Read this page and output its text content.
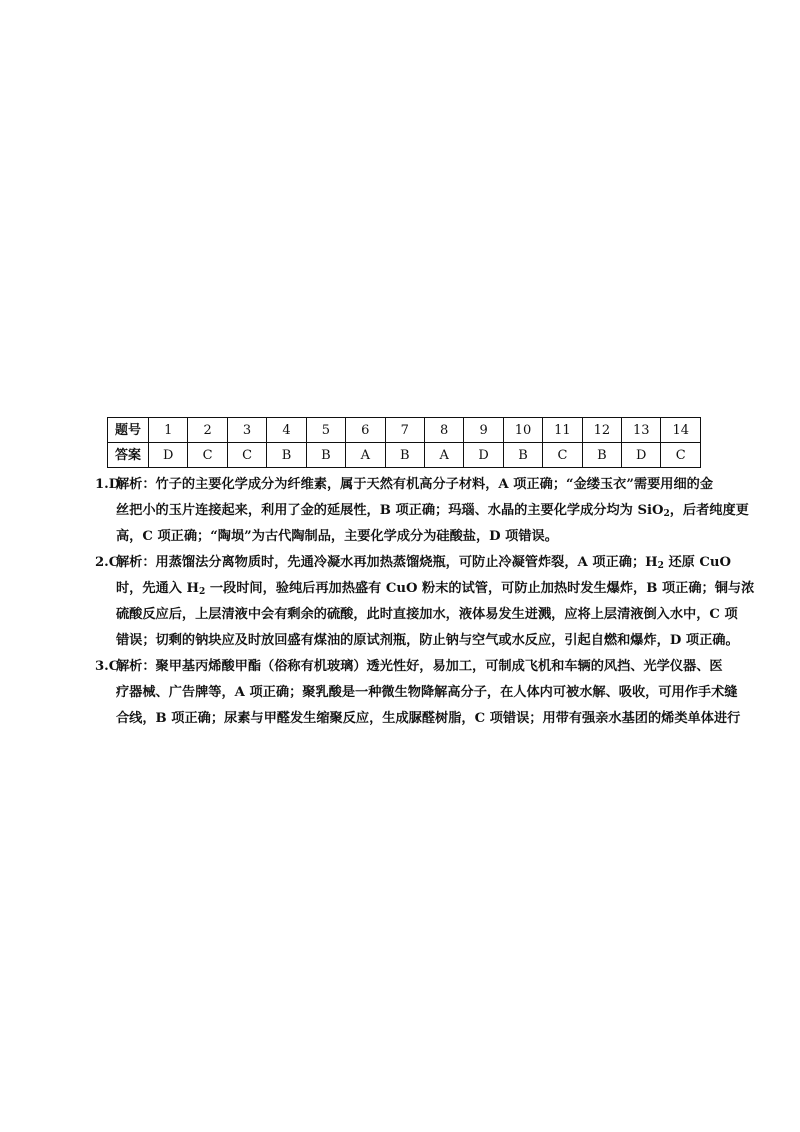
题号	1	2	3	4	5	6	7	8	9	10	11	12	13	14
答案	D	C	C	B	B	A	B	A	D	B	C	B	D	C
1.D解析：竹子的主要化学成分为纤维素，属于天然有机高分子材料，A 项正确；“金缕玉衣”需要用细的金
丝把小的玉片连接起来，利用了金的延展性，B 项正确；玛瑙、水晶的主要化学成分均为 SiO$_2$，后者纯度更
高，C 项正确；“陶埙”为古代陶制品，主要化学成分为硅酸盐，D 项错误。
2.C解析：用蒸馏法分离物质时，先通冷凝水再加热蒸馏烧瓶，可防止冷凝管炸裂，A 项正确；$H_2$ 还原 CuO
时，先通入 $H_2$ 一段时间，验纯后再加热盛有 CuO 粉末的试管，可防止加热时发生爆炸，B 项正确；铜与浓
硫酸反应后，上层清液中会有剩余的硫酸，此时直接加水，液体易发生迸溅，应将上层清液倒入水中，C 项
错误；切剩的钠块应及时放回盛有煤油的原试剂瓶，防止钠与空气或水反应，引起自燃和爆炸，D 项正确。
3.C解析：聚甲基丙烯酸甲酯（俗称有机玻璃）透光性好，易加工，可制成飞机和车辆的风挡、光学仪器、医
疗器械、广告牌等，A 项正确；聚乳酸是一种微生物降解高分子，在人体内可被水解、吸收，可用作手术缝
合线，B 项正确；尿素与甲醛发生缩聚反应，生成脲醛树脂，C 项错误；用带有强亲水基团的烯类单体进行
